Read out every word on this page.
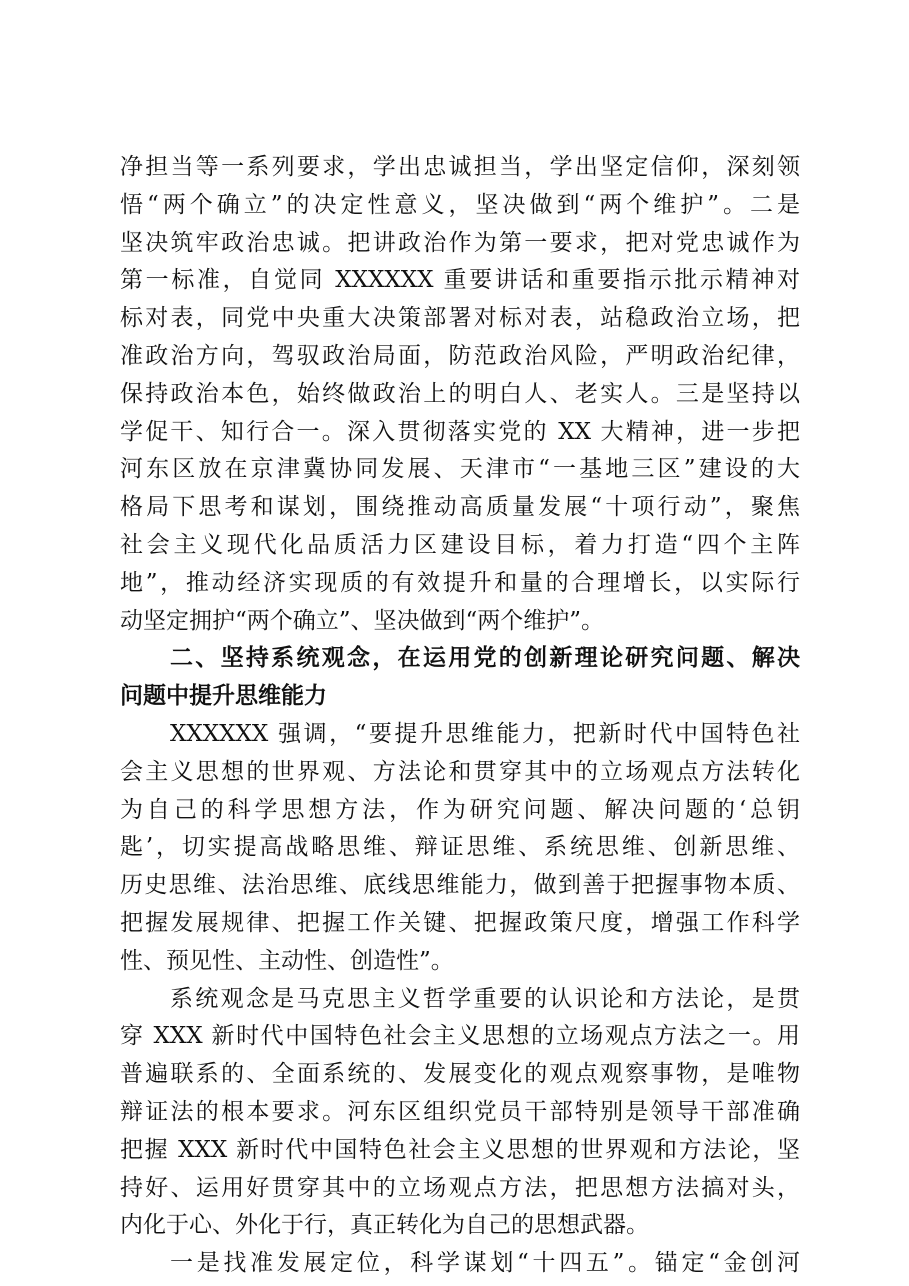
净担当等一系列要求，学出忠诚担当，学出坚定信仰，深刻领
悟“两个确立”的决定性意义，坚决做到“两个维护”。二是
坚决筑牢政治忠诚。把讲政治作为第一要求，把对党忠诚作为
第一标准，自觉同 XXXXXX 重要讲话和重要指示批示精神对
标对表，同党中央重大决策部署对标对表，站稳政治立场，把
准政治方向，驾驭政治局面，防范政治风险，严明政治纪律，
保持政治本色，始终做政治上的明白人、老实人。三是坚持以
学促干、知行合一。深入贯彻落实党的 XX 大精神，进一步把
河东区放在京津冀协同发展、天津市“一基地三区”建设的大
格局下思考和谋划，围绕推动高质量发展“十项行动”，聚焦
社会主义现代化品质活力区建设目标，着力打造“四个主阵
地”，推动经济实现质的有效提升和量的合理增长，以实际行
动坚定拥护“两个确立”、坚决做到“两个维护”。
二、坚持系统观念，在运用党的创新理论研究问题、解决
问题中提升思维能力
XXXXXX 强调，“要提升思维能力，把新时代中国特色社
会主义思想的世界观、方法论和贯穿其中的立场观点方法转化
为自己的科学思想方法，作为研究问题、解决问题的‘总钥
匙’，切实提高战略思维、辩证思维、系统思维、创新思维、
历史思维、法治思维、底线思维能力，做到善于把握事物本质、
把握发展规律、把握工作关键、把握政策尺度，增强工作科学
性、预见性、主动性、创造性”。
系统观念是马克思主义哲学重要的认识论和方法论，是贯
穿 XXX 新时代中国特色社会主义思想的立场观点方法之一。用
普遍联系的、全面系统的、发展变化的观点观察事物，是唯物
辩证法的根本要求。河东区组织党员干部特别是领导干部准确
把握 XXX 新时代中国特色社会主义思想的世界观和方法论，坚
持好、运用好贯穿其中的立场观点方法，把思想方法搞对头，
内化于心、外化于行，真正转化为自己的思想武器。
一是找准发展定位，科学谋划“十四五”。锚定“金创河
